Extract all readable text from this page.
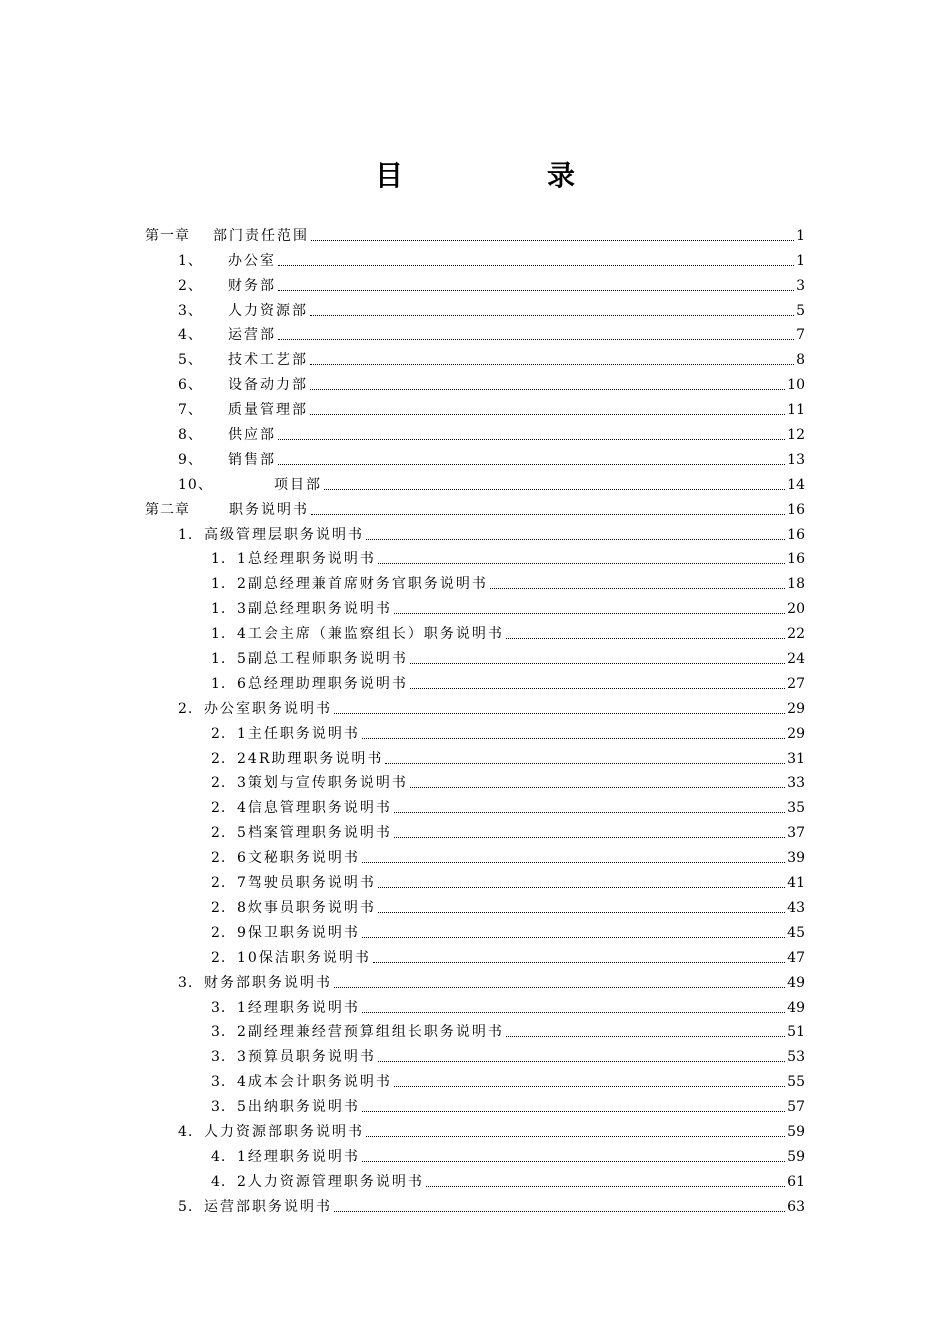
目　录
第一章	部门责任范围	1
1、	办公室	1
2、	财务部	3
3、	人力资源部	5
4、	运营部	7
5、	技术工艺部	8
6、	设备动力部	10
7、	质量管理部	11
8、	供应部	12
9、	销售部	13
10、	项目部	14
第二章	职务说明书	16
1. 高级管理层职务说明书	16
1. 1总经理职务说明书	16
1. 2副总经理兼首席财务官职务说明书	18
1. 3副总经理职务说明书	20
1. 4工会主席（兼监察组长）职务说明书	22
1. 5副总工程师职务说明书	24
1. 6总经理助理职务说明书	27
2. 办公室职务说明书	29
2. 1主任职务说明书	29
2. 24R助理职务说明书	31
2. 3策划与宣传职务说明书	33
2. 4信息管理职务说明书	35
2. 5档案管理职务说明书	37
2. 6文秘职务说明书	39
2. 7驾驶员职务说明书	41
2. 8炊事员职务说明书	43
2. 9保卫职务说明书	45
2. 10保洁职务说明书	47
3. 财务部职务说明书	49
3. 1经理职务说明书	49
3. 2副经理兼经营预算组组长职务说明书	51
3. 3预算员职务说明书	53
3. 4成本会计职务说明书	55
3. 5出纳职务说明书	57
4. 人力资源部职务说明书	59
4. 1经理职务说明书	59
4. 2人力资源管理职务说明书	61
5. 运营部职务说明书	63
